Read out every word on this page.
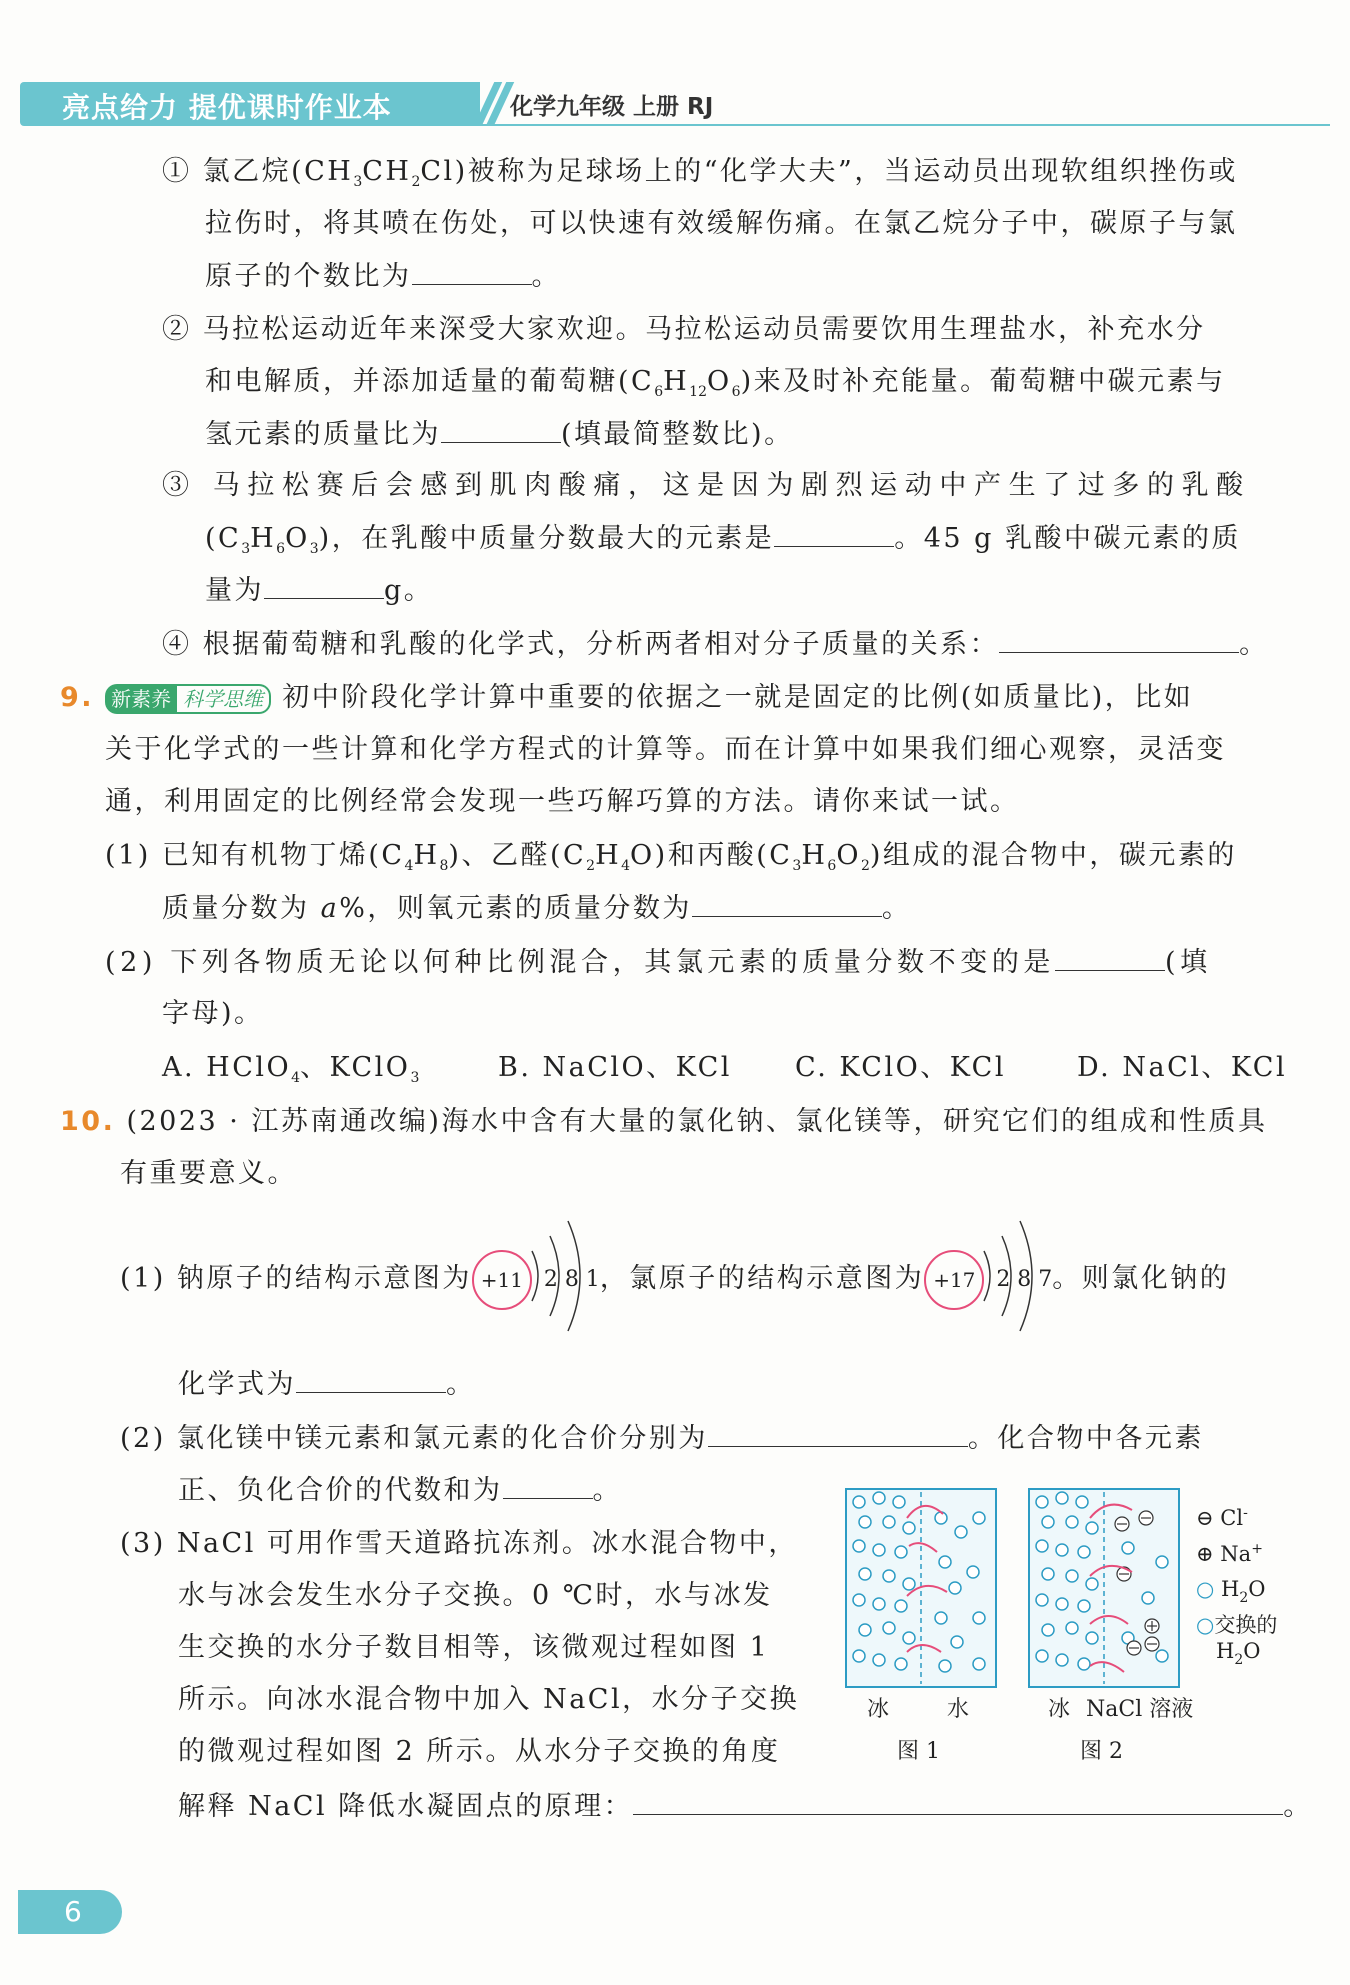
亮点给力 提优课时作业本	化学九年级 上册 RJ
① 氯乙烷$(CH_3CH_2Cl)$被称为足球场上的“化学大夫”，当运动员出现软组织挫伤或
拉伤时，将其喷在伤处，可以快速有效缓解伤痛。在氯乙烷分子中，碳原子与氯
原子的个数比为	。
② 马拉松运动近年来深受大家欢迎。马拉松运动员需要饮用生理盐水，补充水分
和电解质，并添加适量的葡萄糖$(C_6H_{12}O_6)$来及时补充能量。葡萄糖中碳元素与
氢元素的质量比为	(填最简整数比)。
③ 马拉松赛后会感到肌肉酸痛，这是因为剧烈运动中产生了过多的乳酸
$(C_3H_6O_3)$，在乳酸中质量分数最大的元素是	。45 g 乳酸中碳元素的质
量为	g。
④ 根据葡萄糖和乳酸的化学式，分析两者相对分子质量的关系：	。
9. 新素养 科学思维 初中阶段化学计算中重要的依据之一就是固定的比例(如质量比)，比如
关于化学式的一些计算和化学方程式的计算等。而在计算中如果我们细心观察，灵活变
通，利用固定的比例经常会发现一些巧解巧算的方法。请你来试一试。
(1) 已知有机物丁烯$(C_4H_8)$、乙醛$(C_2H_4O)$和丙酸$(C_3H_6O_2)$组成的混合物中，碳元素的
质量分数为 a%，则氧元素的质量分数为	。
(2) 下列各物质无论以何种比例混合，其氯元素的质量分数不变的是	(填
字母)。
A. HClO$_4$、KClO$_3$	B. NaClO、KCl C. KClO、KCl	D. NaCl、KCl
10. (2023 · 江苏南通改编)海水中含有大量的氯化钠、氯化镁等，研究它们的组成和性质具
有重要意义。
(1) 钠原子的结构示意图为 +11 2 8 1 ，氯原子的结构示意图为 +17 2 8 7 。则氯化钠的
化学式为	。
(2) 氯化镁中镁元素和氯元素的化合价分别为	。化合物中各元素
正、负化合价的代数和为	。
(3) NaCl 可用作雪天道路抗冻剂。冰水混合物中，
水与冰会发生水分子交换。0 ℃时，水与冰发
生交换的水分子数目相等，该微观过程如图 1
所示。向冰水混合物中加入 NaCl，水分子交换
的微观过程如图 2 所示。从水分子交换的角度
解释 NaCl 降低水凝固点的原理：	。
冰	水
图 1
冰 NaCl 溶液
图 2
⊖ Cl-
⊕ Na+
○ $H_2O$
○交换的
$H_2O$
6
